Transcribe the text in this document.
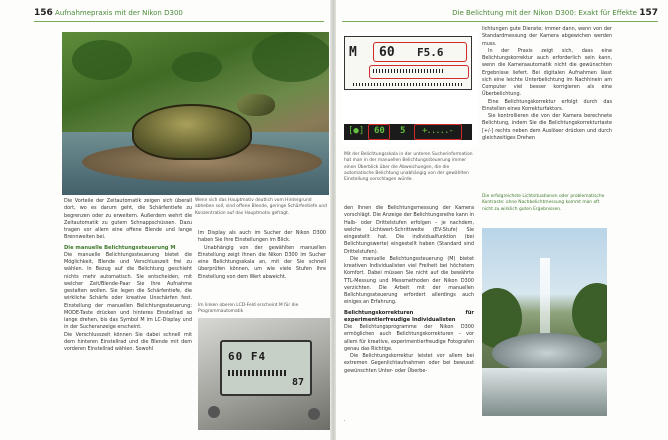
156 Aufnahmepraxis mit der Nikon D300
Wenn sich das Hauptmotiv deutlich vom Hintergrund abheben soll, sind offene Blende, geringe Schärfentiefe und Konzentration auf das Hauptmotiv gefragt.

Die Vorteile der Zeitautomatik zeigen sich überall dort, wo es darum geht, die Schärfentiefe zu begrenzen oder zu erweitern. Außerdem wehrt die Zeitautomatik zu gutem Schnappschüssen. Dazu tragen vor allem eine offene Blende und lange Brennweiten bei.

Die manuelle Belichtungssteuerung M

Die manuelle Belichtungssteuerung bietet die Möglichkeit, Blende und Verschlusszeit frei zu wählen. In Bezug auf die Belichtung geschieht nichts mehr automatisch. Sie entscheiden, mit welcher Zeit/Blende-Paar Sie Ihre Aufnahme gestalten wollen. Sie legen die Schärfentiefe, die wirkliche Schärfe oder kreative Unschärfen fest. Einstellung der manuellen Belichtungssteuerung: MODE-Taste drücken und hinteres Einstellrad so lange drehen, bis das Symbol M im LC-Display und in der Sucheranzeige erscheint.

Die Verschlusszeit können Sie dabei schnell mit dem hinteren Einstellrad und die Blende mit dem vorderen Einstellrad wählen. Sowohl

Im Display als auch im Sucher der Nikon D300 haben Sie Ihre Einstellungen im Blick.

Unabhängig von der gewählten manuellen Einstellung zeigt Ihnen die Nikon D300 im Sucher eine Belichtungsskala an, mit der Sie schnell überprüfen können, um wie viele Stufen Ihre Einstellung von dem Wert abweicht.

Im linken oberen LCD-Feld erscheint M für die Programmautomatik
60 F4
87
Die Belichtung mit der Nikon D300: Exakt für Effekte 157
M 60 F5.6
[●] 60 5 +.....-
Mit der Belichtungsskala in der unteren Sucherinformation hat man in der manuellen Belichtungssteuerung immer einen Überblick über die Abweichungen, die die automatische Belichtung unabhängig von der gewählten Einstellung vorschlagen würde.

den Ihnen die Belichtungsmessung der Kamera vorschlägt. Die Anzeige der Belichtungsreihe kann in Halb- oder Drittelstufen erfolgen – je nachdem, welche Lichtwert-Schrittweite (EV-Stufe) Sie eingestellt hat. Die individualfunktion (bei Belichtungswerte) eingestellt haben (Standard sind Drittelstufen).

Die manuelle Belichtungssteuerung (M) bietet kreativen Individualisten viel Freiheit bei höchstem Komfort. Dabei müssen Sie nicht auf die bewährte TTL-Messung und Messmethoden der Nikon D300 verzichten. Die Arbeit mit der manuellen Belichtungssteuerung erfordert allerdings auch einiges an Erfahrung.

Belichtungskorrekturen für experimentierfreudige Individualisten

Die Belichtungsprogramme der Nikon D300 ermöglichen auch Belichtungskorrekturen – vor allem für kreative, experimentierfreudige Fotografen genau das Richtige.

Die Belichtungskorrektur leistet vor allem bei extremen Gegenlichtaufnahmen oder bei bewusst gewünschten Unter- oder Überbe-

lichtungen gute Dienste; immer dann, wenn von der Standardmessung der Kamera abgewichen werden muss.

In der Praxis zeigt sich, dass eine Belichtungskorrektur auch erforderlich sein kann, wenn die Kameraautomatik nicht die gewünschten Ergebnisse liefert. Bei digitalen Aufnahmen lässt sich eine leichte Unterbelichtung im Nachhinein am Computer viel besser korrigieren als eine Überbelichtung.

Eine Belichtungskorrektur erfolgt durch das Einstellen eines Korrekturfaktors.

Sie kontrollieren die von der Kamera berechnete Belichtung, indem Sie die Belichtungskorrekturtaste [+/-] rechts neben dem Auslöser drücken und durch gleichzeitiges Drehen

Die erfolgreichste Lichtsituationen oder problematische Kontraste: ohne Nachbelichtmessung kommt man oft nicht zu wirklich guten Ergebnissen.
